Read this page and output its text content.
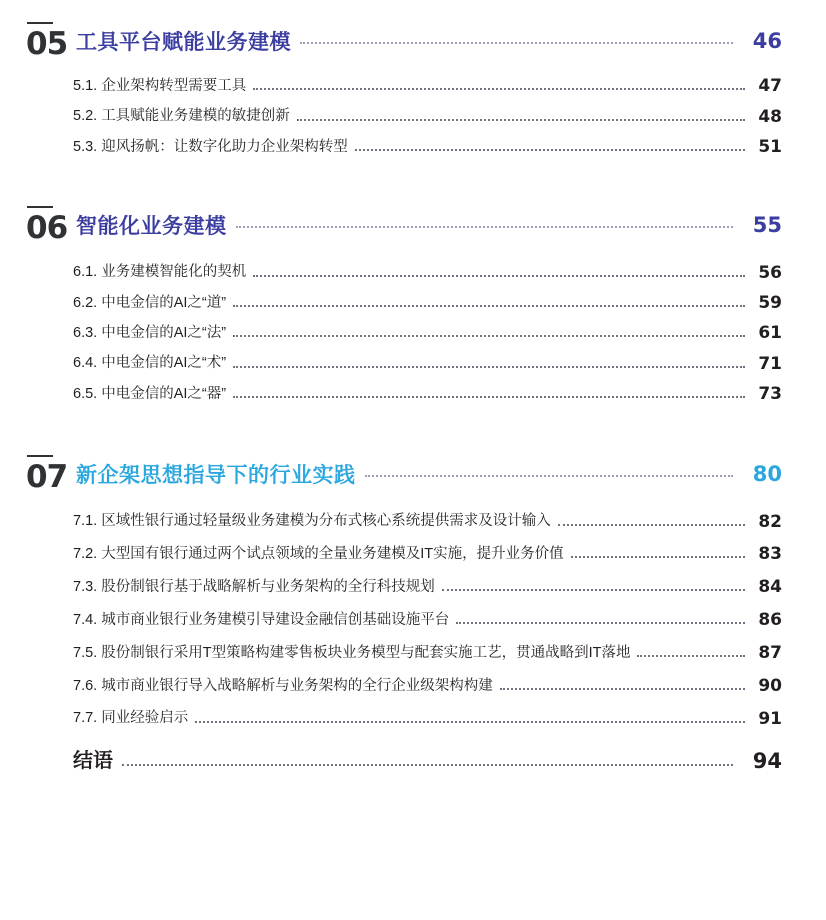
05 工具平台赋能业务建模	46
5.1. 企业架构转型需要工具	47
5.2. 工具赋能业务建模的敏捷创新	48
5.3. 迎风扬帆：让数字化助力企业架构转型	51
06 智能化业务建模	55
6.1. 业务建模智能化的契机	56
6.2. 中电金信的AI之“道”	59
6.3. 中电金信的AI之“法”	61
6.4. 中电金信的AI之“术”	71
6.5. 中电金信的AI之“器”	73
07 新企架思想指导下的行业实践	80
7.1. 区域性银行通过轻量级业务建模为分布式核心系统提供需求及设计输入	82
7.2. 大型国有银行通过两个试点领域的全量业务建模及IT实施，提升业务价值	83
7.3. 股份制银行基于战略解析与业务架构的全行科技规划	84
7.4. 城市商业银行业务建模引导建设金融信创基础设施平台	86
7.5. 股份制银行采用T型策略构建零售板块业务模型与配套实施工艺，贯通战略到IT落地	87
7.6. 城市商业银行导入战略解析与业务架构的全行企业级架构构建	90
7.7. 同业经验启示	91
结语	94
